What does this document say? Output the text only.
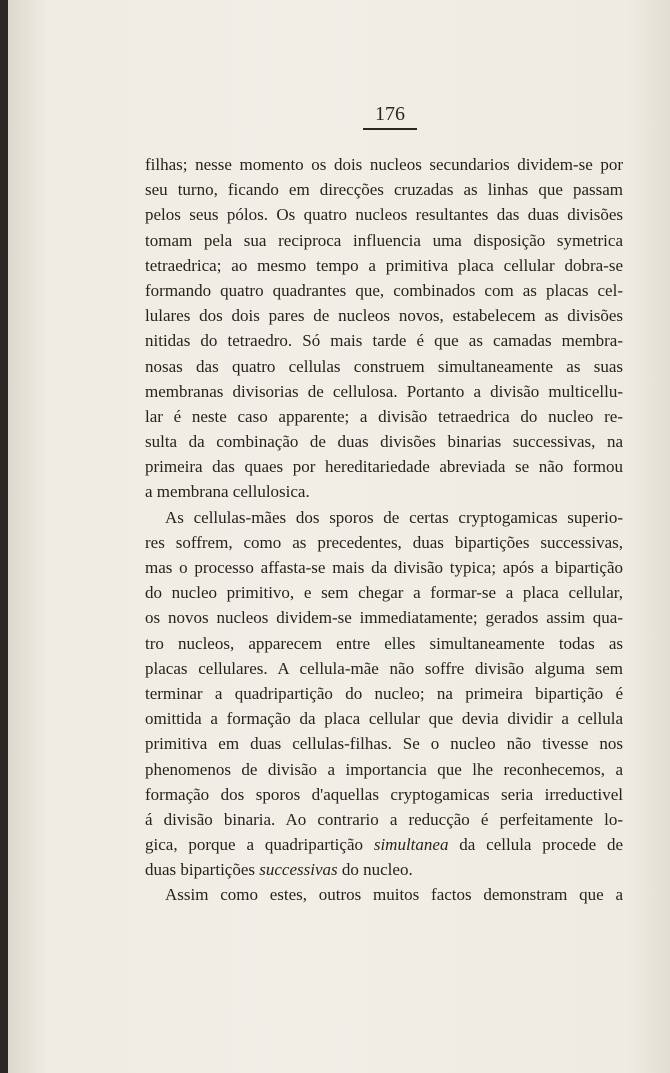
176
filhas; nesse momento os dois nucleos secundarios dividem-se por
seu turno, ficando em direcções cruzadas as linhas que passam
pelos seus pólos. Os quatro nucleos resultantes das duas divisões
tomam pela sua reciproca influencia uma disposição symetrica
tetraedrica; ao mesmo tempo a primitiva placa cellular dobra-se
formando quatro quadrantes que, combinados com as placas cel-
lulares dos dois pares de nucleos novos, estabelecem as divisões
nitidas do tetraedro. Só mais tarde é que as camadas membra-
nosas das quatro cellulas construem simultaneamente as suas
membranas divisorias de cellulosa. Portanto a divisão multicellu-
lar é neste caso apparente; a divisão tetraedrica do nucleo re-
sulta da combinação de duas divisões binarias successivas, na
primeira das quaes por hereditariedade abreviada se não formou
a membrana cellulosica.
As cellulas-mães dos sporos de certas cryptogamicas superio-
res soffrem, como as precedentes, duas bipartições successivas,
mas o processo affasta-se mais da divisão typica; após a bipartição
do nucleo primitivo, e sem chegar a formar-se a placa cellular,
os novos nucleos dividem-se immediatamente; gerados assim qua-
tro nucleos, apparecem entre elles simultaneamente todas as
placas cellulares. A cellula-mãe não soffre divisão alguma sem
terminar a quadripartição do nucleo; na primeira bipartição é
omittida a formação da placa cellular que devia dividir a cellula
primitiva em duas cellulas-filhas. Se o nucleo não tivesse nos
phenomenos de divisão a importancia que lhe reconhecemos, a
formação dos sporos d'aquellas cryptogamicas seria irreductivel
á divisão binaria. Ao contrario a reducção é perfeitamente lo-
gica, porque a quadripartição simultanea da cellula procede de
duas bipartições successivas do nucleo.
Assim como estes, outros muitos factos demonstram que a
